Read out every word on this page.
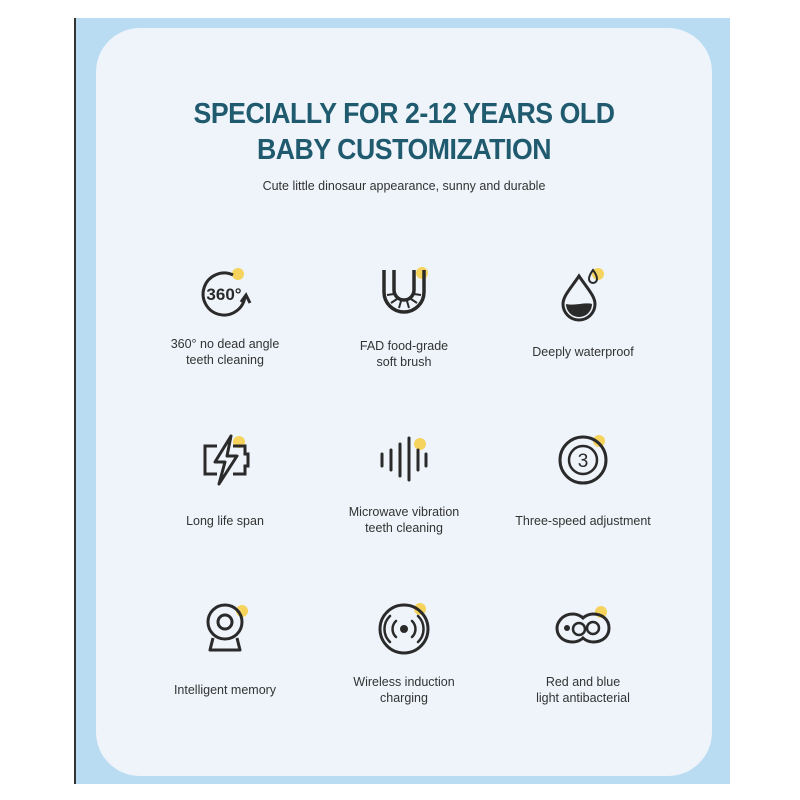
SPECIALLY FOR 2-12 YEARS OLD
BABY CUSTOMIZATION
Cute little dinosaur appearance, sunny and durable
360°
360° no dead angle
teeth cleaning
FAD food-grade
soft brush
Deeply waterproof
Long life span
Microwave vibration
teeth cleaning
3
Three-speed adjustment
Intelligent memory
Wireless induction
charging
Red and blue
light antibacterial
